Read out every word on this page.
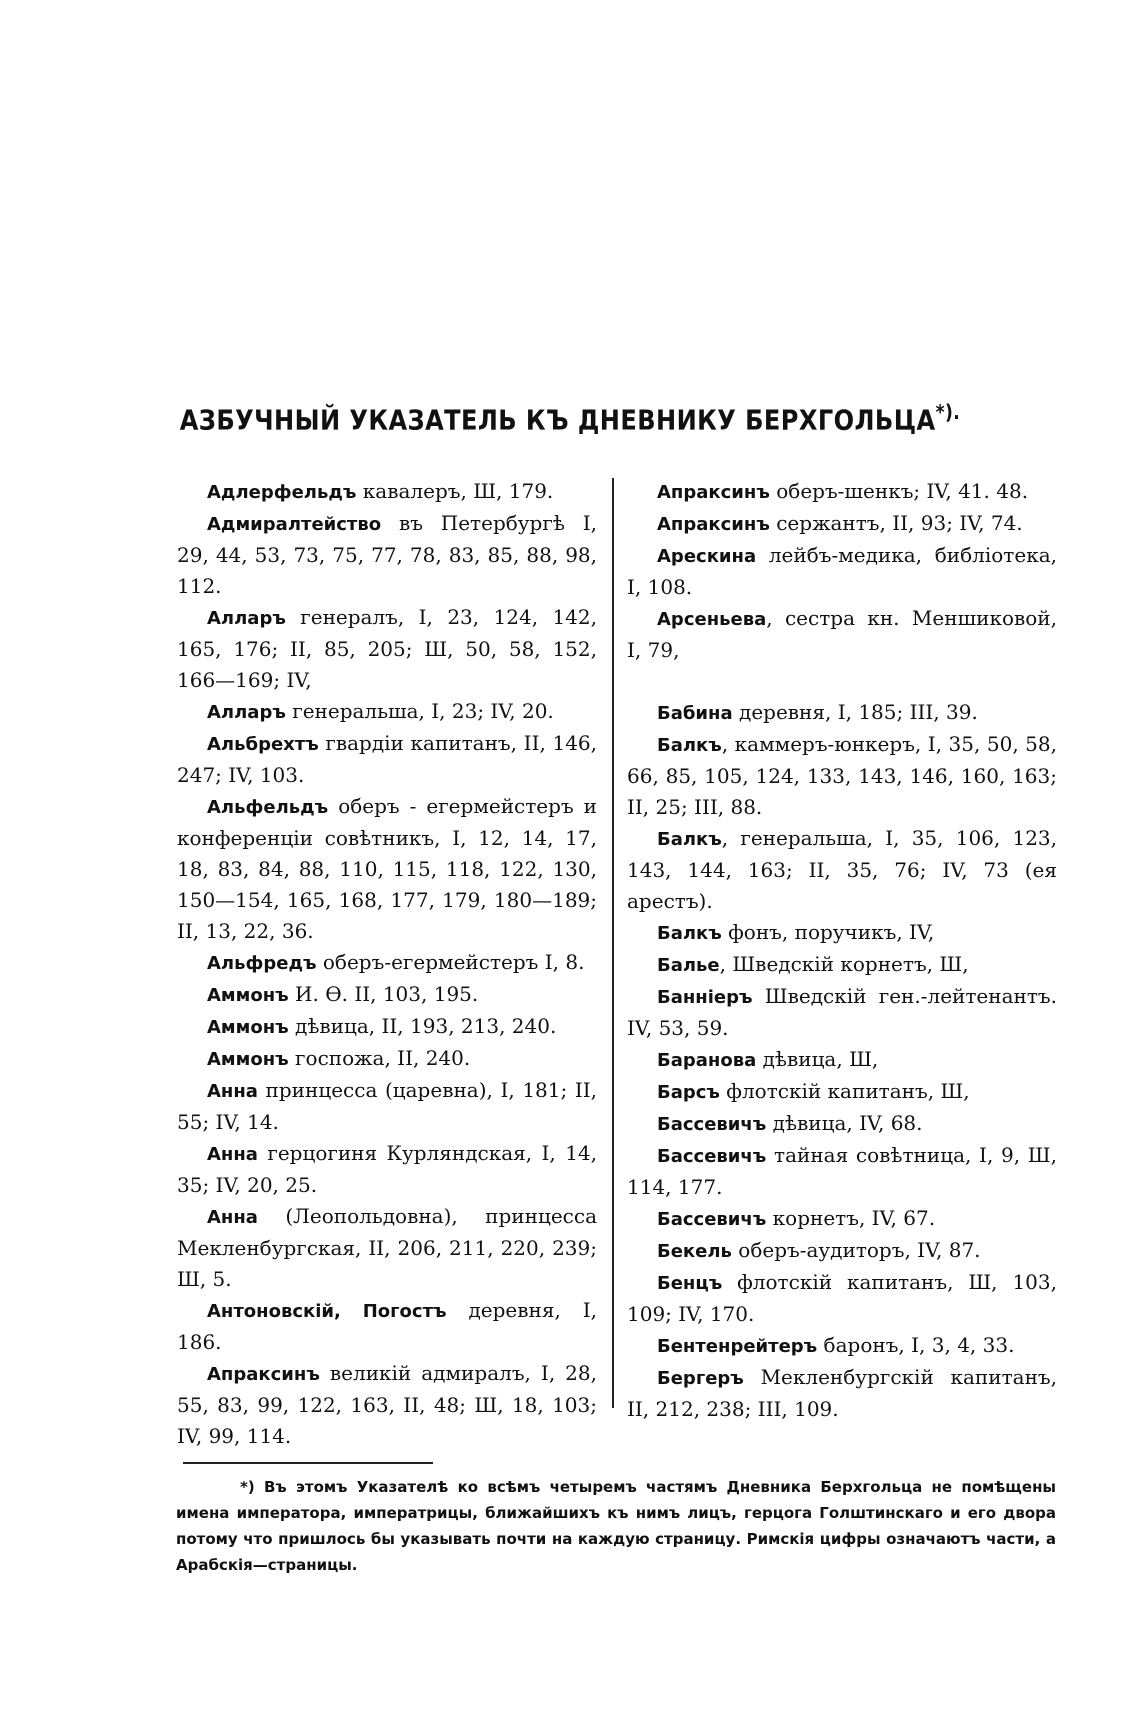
АЗБУЧНЫЙ УКАЗАТЕЛЬ КЪ ДНЕВНИКУ БЕРХГОЛЬЦА*).

Адлерфельдъ кавалеръ, Ш, 179.

Адмиралтейство въ Петербургѣ I, 29, 44, 53, 73, 75, 77, 78, 83, 85, 88, 98, 112.

Алларъ генералъ, I, 23, 124, 142, 165, 176; II, 85, 205; Ш, 50, 58, 152, 166—169; IV,

Алларъ генеральша, I, 23; IV, 20.

Альбрехтъ гвардіи капитанъ, II, 146, 247; IV, 103.

Альфельдъ оберъ - егермейстеръ и конференціи совѣтникъ, I, 12, 14, 17, 18, 83, 84, 88, 110, 115, 118, 122, 130, 150—154, 165, 168, 177, 179, 180—189; II, 13, 22, 36.

Альфредъ оберъ-егермейстеръ I, 8.

Аммонъ И. Ѳ. II, 103, 195.

Аммонъ дѣвица, II, 193, 213, 240.

Аммонъ госпожа, II, 240.

Анна принцесса (царевна), I, 181; II, 55; IV, 14.

Анна герцогиня Курляндская, I, 14, 35; IV, 20, 25.

Анна (Леопольдовна), принцесса Мекленбургская, II, 206, 211, 220, 239; Ш, 5.

Антоновскій, Погостъ деревня, I, 186.

Апраксинъ великій адмиралъ, I, 28, 55, 83, 99, 122, 163, II, 48; Ш, 18, 103; IV, 99, 114.

Апраксинъ оберъ-шенкъ; IV, 41. 48.

Апраксинъ сержантъ, II, 93; IV, 74.

Арескина лейбъ-медика, библіотека, I, 108.

Арсеньева, сестра кн. Меншиковой, I, 79,

Бабина деревня, I, 185; III, 39.

Балкъ, каммеръ-юнкеръ, I, 35, 50, 58, 66, 85, 105, 124, 133, 143, 146, 160, 163; II, 25; III, 88.

Балкъ, генеральша, I, 35, 106, 123, 143, 144, 163; II, 35, 76; IV, 73 (ея арестъ).

Балкъ фонъ, поручикъ, IV,

Балье, Шведскій корнетъ, Ш,

Банніеръ Шведскій ген.-лейтенантъ. IV, 53, 59.

Баранова дѣвица, Ш,

Барсъ флотскій капитанъ, Ш,

Бассевичъ дѣвица, IV, 68.

Бассевичъ тайная совѣтница, I, 9, Ш, 114, 177.

Бассевичъ корнетъ, IV, 67.

Бекель оберъ-аудиторъ, IV, 87.

Бенцъ флотскій капитанъ, Ш, 103, 109; IV, 170.

Бентенрейтеръ баронъ, I, 3, 4, 33.

Бергеръ Мекленбургскій капитанъ, II, 212, 238; III, 109.

*) Въ этомъ Указателѣ ко всѣмъ четыремъ частямъ Дневника Берхгольца не помѣщены имена императора, императрицы, ближайшихъ къ нимъ лицъ, герцога Голштинскаго и его двора потому что пришлось бы указывать почти на каждую страницу. Римскія цифры означаютъ части, а Арабскія—страницы.
